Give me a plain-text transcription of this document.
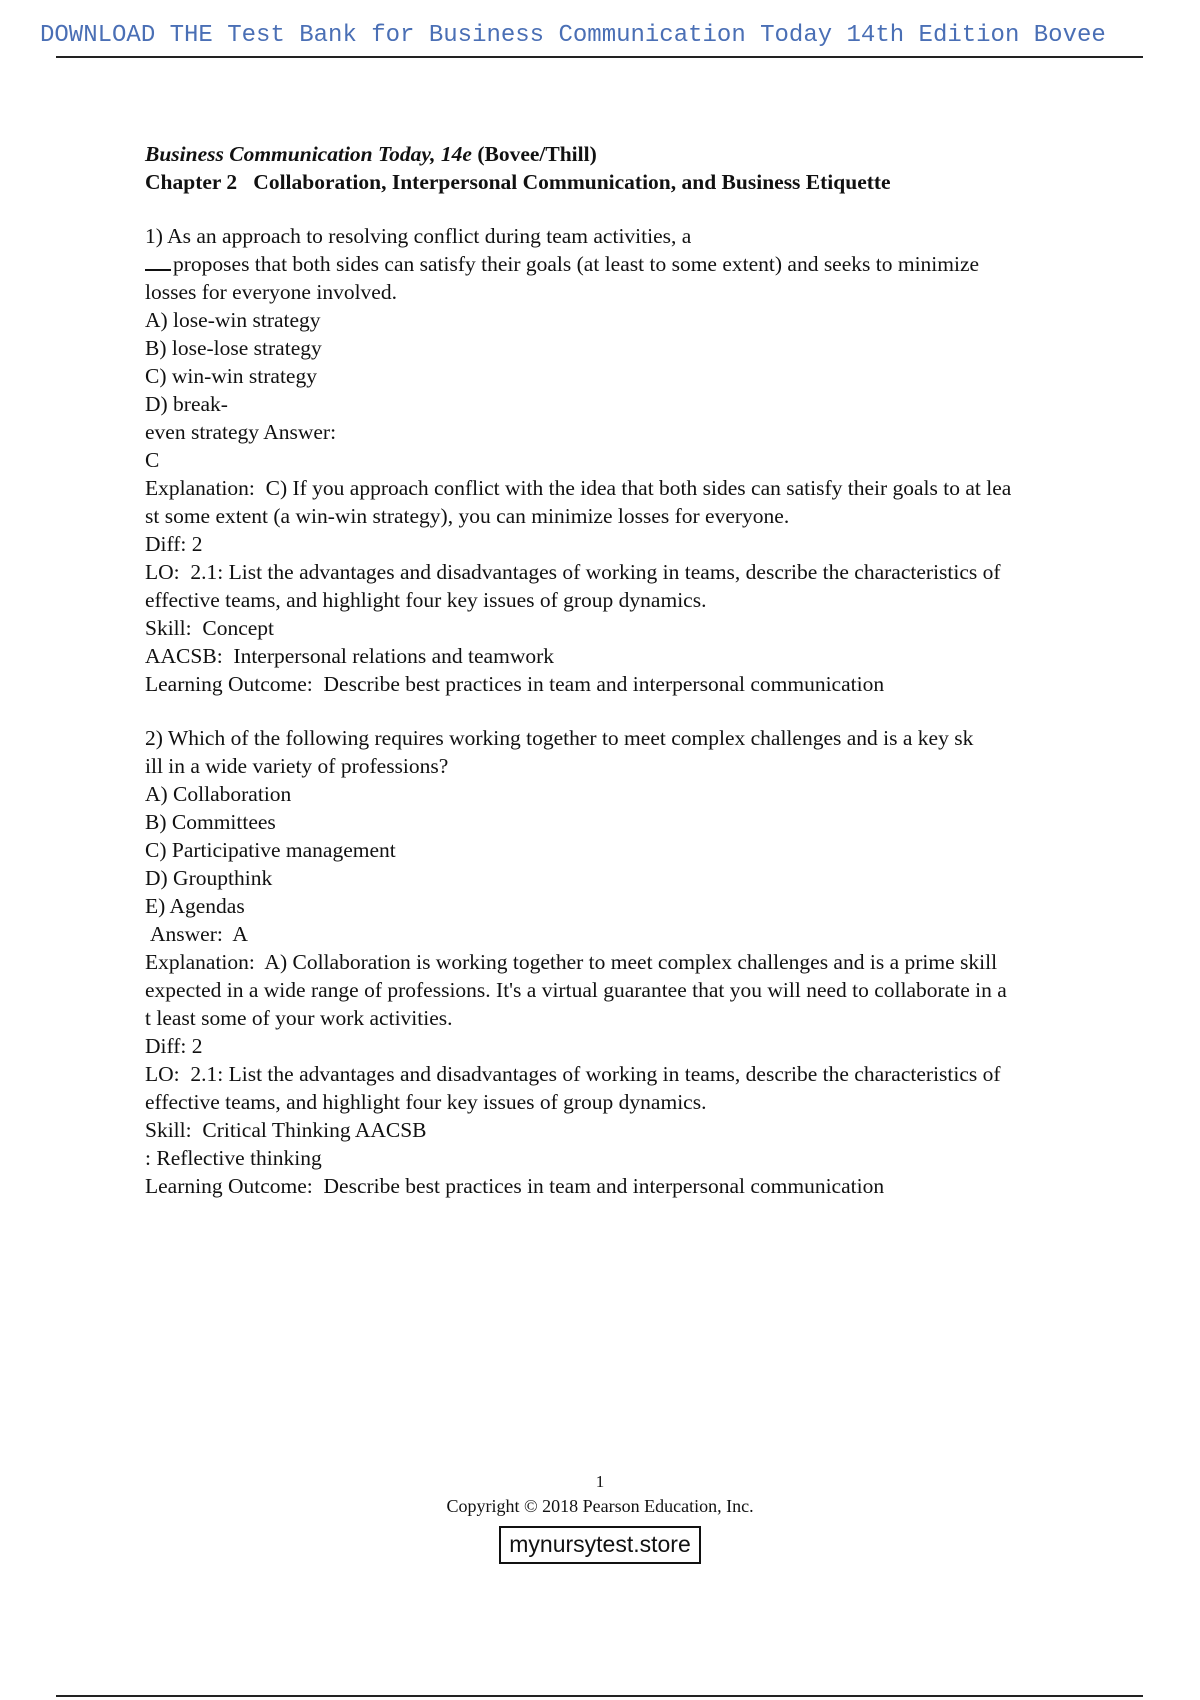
DOWNLOAD THE Test Bank for Business Communication Today 14th Edition Bovee
Business Communication Today, 14e (Bovee/Thill)
Chapter 2   Collaboration, Interpersonal Communication, and Business Etiquette
1) As an approach to resolving conflict during team activities, a
proposes that both sides can satisfy their goals (at least to some extent) and seeks to minimize
losses for everyone involved.
A) lose-win strategy
B) lose-lose strategy
C) win-win strategy
D) break-
even strategy Answer:
C
Explanation:  C) If you approach conflict with the idea that both sides can satisfy their goals to at lea
st some extent (a win-win strategy), you can minimize losses for everyone.
Diff: 2
LO:  2.1: List the advantages and disadvantages of working in teams, describe the characteristics of
effective teams, and highlight four key issues of group dynamics.
Skill:  Concept
AACSB:  Interpersonal relations and teamwork
Learning Outcome:  Describe best practices in team and interpersonal communication
2) Which of the following requires working together to meet complex challenges and is a key sk
ill in a wide variety of professions?
A) Collaboration
B) Committees
C) Participative management
D) Groupthink
E) Agendas
Answer:  A
Explanation:  A) Collaboration is working together to meet complex challenges and is a prime skill
expected in a wide range of professions. It's a virtual guarantee that you will need to collaborate in a
t least some of your work activities.
Diff: 2
LO:  2.1: List the advantages and disadvantages of working in teams, describe the characteristics of
effective teams, and highlight four key issues of group dynamics.
Skill:  Critical Thinking AACSB
: Reflective thinking
Learning Outcome:  Describe best practices in team and interpersonal communication
1
Copyright © 2018 Pearson Education, Inc.
mynursytest.store
